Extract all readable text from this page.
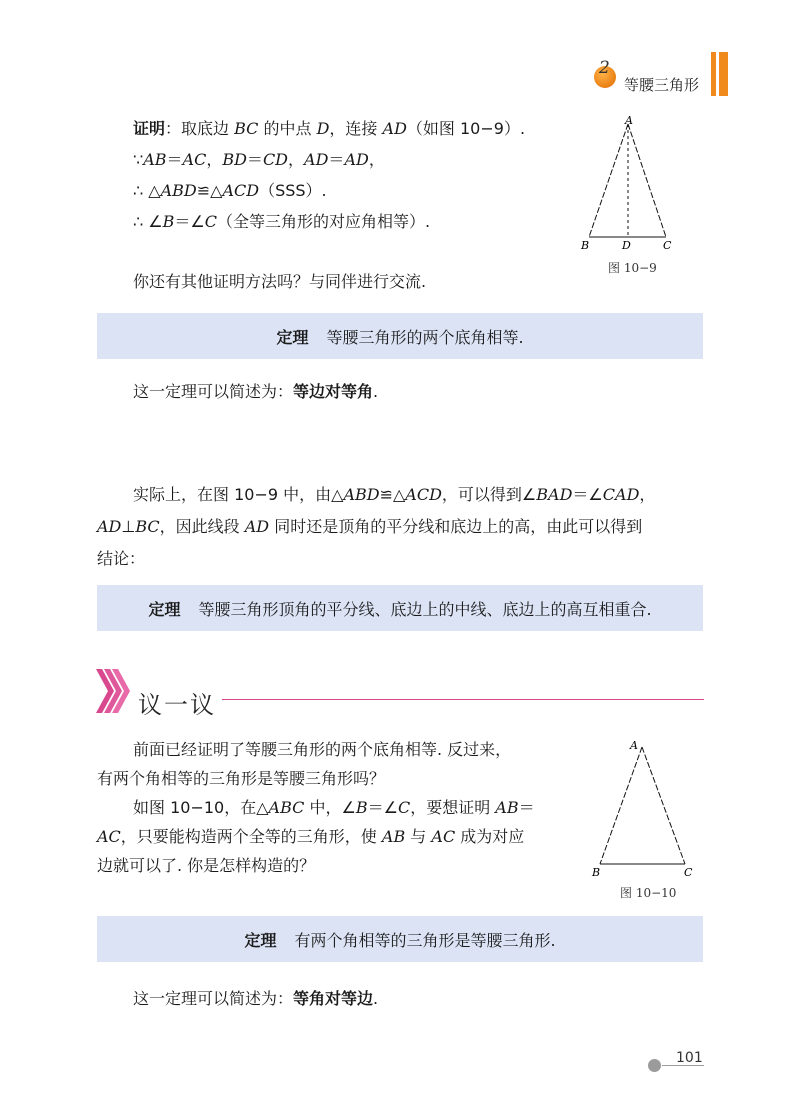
2
等腰三角形
证明：取底边 BC 的中点 D，连接 AD（如图 10−9）.
∵AB＝AC，BD＝CD，AD＝AD，
∴ △ABD≌△ACD（SSS）.
∴ ∠B＝∠C（全等三角形的对应角相等）.
你还有其他证明方法吗？与同伴进行交流.
A
B	C
D
图 10−9
定理 等腰三角形的两个底角相等.
这一定理可以简述为：等边对等角.
实际上，在图 10−9 中，由△ABD≌△ACD，可以得到∠BAD＝∠CAD，
AD⊥BC，因此线段 AD 同时还是顶角的平分线和底边上的高，由此可以得到
结论：
定理 等腰三角形顶角的平分线、底边上的中线、底边上的高互相重合.
议一议
前面已经证明了等腰三角形的两个底角相等. 反过来，
有两个角相等的三角形是等腰三角形吗？
如图 10−10，在△ABC 中，∠B＝∠C，要想证明 AB＝
AC，只要能构造两个全等的三角形，使 AB 与 AC 成为对应
边就可以了. 你是怎样构造的？
A
B	C
图 10−10
定理 有两个角相等的三角形是等腰三角形.
这一定理可以简述为：等角对等边.
101
